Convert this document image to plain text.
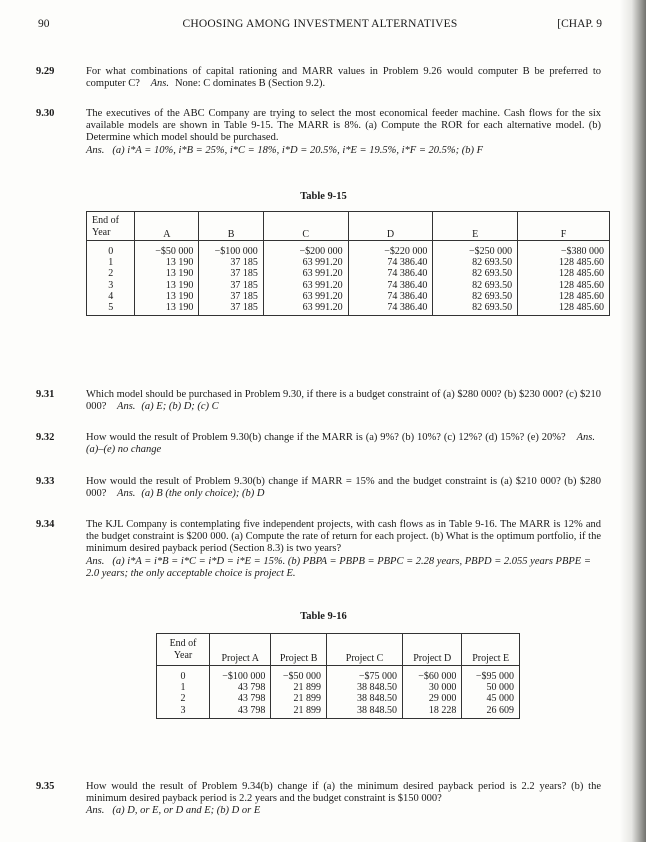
90	CHOOSING AMONG INVESTMENT ALTERNATIVES	[CHAP. 9
9.29	For what combinations of capital rationing and MARR values in Problem 9.26 would computer B be preferred to computer C? Ans. None: C dominates B (Section 9.2).
9.30	The executives of the ABC Company are trying to select the most economical feeder machine. Cash flows for the six available models are shown in Table 9-15. The MARR is 8%. (a) Compute the ROR for each alternative model. (b) Determine which model should be purchased.
Ans. (a) i*A = 10%, i*B = 25%, i*C = 18%, i*D = 20.5%, i*E = 19.5%, i*F = 20.5%; (b) F
Table 9-15
End of Year	A	B	C	D	E	F

0	−$50 000	−$100 000	−$200 000	−$220 000	−$250 000	−$380 000
1	13 190	37 185	63 991.20	74 386.40	82 693.50	128 485.60
2	13 190	37 185	63 991.20	74 386.40	82 693.50	128 485.60
3	13 190	37 185	63 991.20	74 386.40	82 693.50	128 485.60
4	13 190	37 185	63 991.20	74 386.40	82 693.50	128 485.60
5	13 190	37 185	63 991.20	74 386.40	82 693.50	128 485.60
9.31	Which model should be purchased in Problem 9.30, if there is a budget constraint of (a) $280 000? (b) $230 000? (c) $210 000? Ans. (a) E; (b) D; (c) C
9.32	How would the result of Problem 9.30(b) change if the MARR is (a) 9%? (b) 10%? (c) 12%? (d) 15%? (e) 20%? Ans.(a)–(e) no change
9.33	How would the result of Problem 9.30(b) change if MARR = 15% and the budget constraint is (a) $210 000? (b) $280 000? Ans. (a) B (the only choice); (b) D
9.34	The KJL Company is contemplating five independent projects, with cash flows as in Table 9-16. The MARR is 12% and the budget constraint is $200 000. (a) Compute the rate of return for each project. (b) What is the optimum portfolio, if the minimum desired payback period (Section 8.3) is two years?
Ans. (a) i*A = i*B = i*C = i*D = i*E = 15%. (b) PBPA = PBPB = PBPC = 2.28 years, PBPD = 2.055 years PBPE = 2.0 years; the only acceptable choice is project E.
Table 9-16
End of Year	Project A	Project B	Project C	Project D	Project E

0	−$100 000	−$50 000	−$75 000	−$60 000	−$95 000
1	43 798	21 899	38 848.50	30 000	50 000
2	43 798	21 899	38 848.50	29 000	45 000
3	43 798	21 899	38 848.50	18 228	26 609
9.35	How would the result of Problem 9.34(b) change if (a) the minimum desired payback period is 2.2 years? (b) the minimum desired payback period is 2.2 years and the budget constraint is $150 000?
Ans. (a) D, or E, or D and E; (b) D or E
